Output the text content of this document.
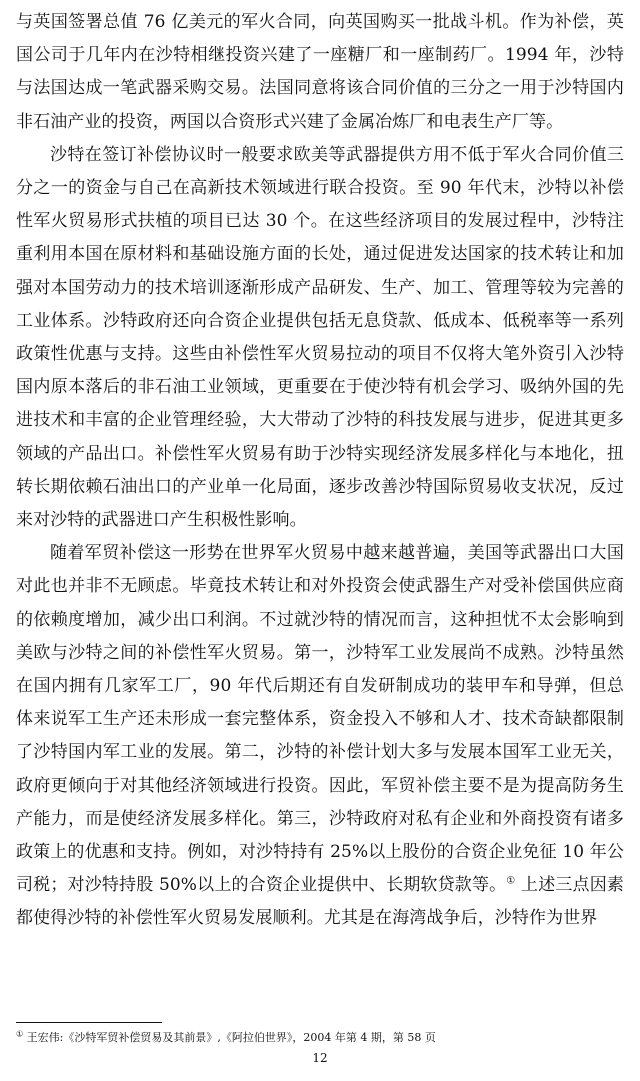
与英国签署总值 76 亿美元的军火合同，向英国购买一批战斗机。作为补偿，英国公司于几年内在沙特相继投资兴建了一座糖厂和一座制药厂。1994 年，沙特与法国达成一笔武器采购交易。法国同意将该合同价值的三分之一用于沙特国内非石油产业的投资，两国以合资形式兴建了金属冶炼厂和电表生产厂等。

沙特在签订补偿协议时一般要求欧美等武器提供方用不低于军火合同价值三分之一的资金与自己在高新技术领域进行联合投资。至 90 年代末，沙特以补偿性军火贸易形式扶植的项目已达 30 个。在这些经济项目的发展过程中，沙特注重利用本国在原材料和基础设施方面的长处，通过促进发达国家的技术转让和加强对本国劳动力的技术培训逐渐形成产品研发、生产、加工、管理等较为完善的工业体系。沙特政府还向合资企业提供包括无息贷款、低成本、低税率等一系列政策性优惠与支持。这些由补偿性军火贸易拉动的项目不仅将大笔外资引入沙特国内原本落后的非石油工业领域，更重要在于使沙特有机会学习、吸纳外国的先进技术和丰富的企业管理经验，大大带动了沙特的科技发展与进步，促进其更多领域的产品出口。补偿性军火贸易有助于沙特实现经济发展多样化与本地化，扭转长期依赖石油出口的产业单一化局面，逐步改善沙特国际贸易收支状况，反过来对沙特的武器进口产生积极性影响。

随着军贸补偿这一形势在世界军火贸易中越来越普遍，美国等武器出口大国对此也并非不无顾虑。毕竟技术转让和对外投资会使武器生产对受补偿国供应商的依赖度增加，减少出口利润。不过就沙特的情况而言，这种担忧不太会影响到美欧与沙特之间的补偿性军火贸易。第一，沙特军工业发展尚不成熟。沙特虽然在国内拥有几家军工厂，90 年代后期还有自发研制成功的装甲车和导弹，但总体来说军工生产还未形成一套完整体系，资金投入不够和人才、技术奇缺都限制了沙特国内军工业的发展。第二，沙特的补偿计划大多与发展本国军工业无关，政府更倾向于对其他经济领域进行投资。因此，军贸补偿主要不是为提高防务生产能力，而是使经济发展多样化。第三，沙特政府对私有企业和外商投资有诸多政策上的优惠和支持。例如，对沙特持有 25%以上股份的合资企业免征 10 年公司税；对沙特持股 50%以上的合资企业提供中、长期软贷款等。① 上述三点因素都使得沙特的补偿性军火贸易发展顺利。尤其是在海湾战争后，沙特作为世界

① 王宏伟:《沙特军贸补偿贸易及其前景》,《阿拉伯世界》，2004 年第 4 期，第 58 页
12
